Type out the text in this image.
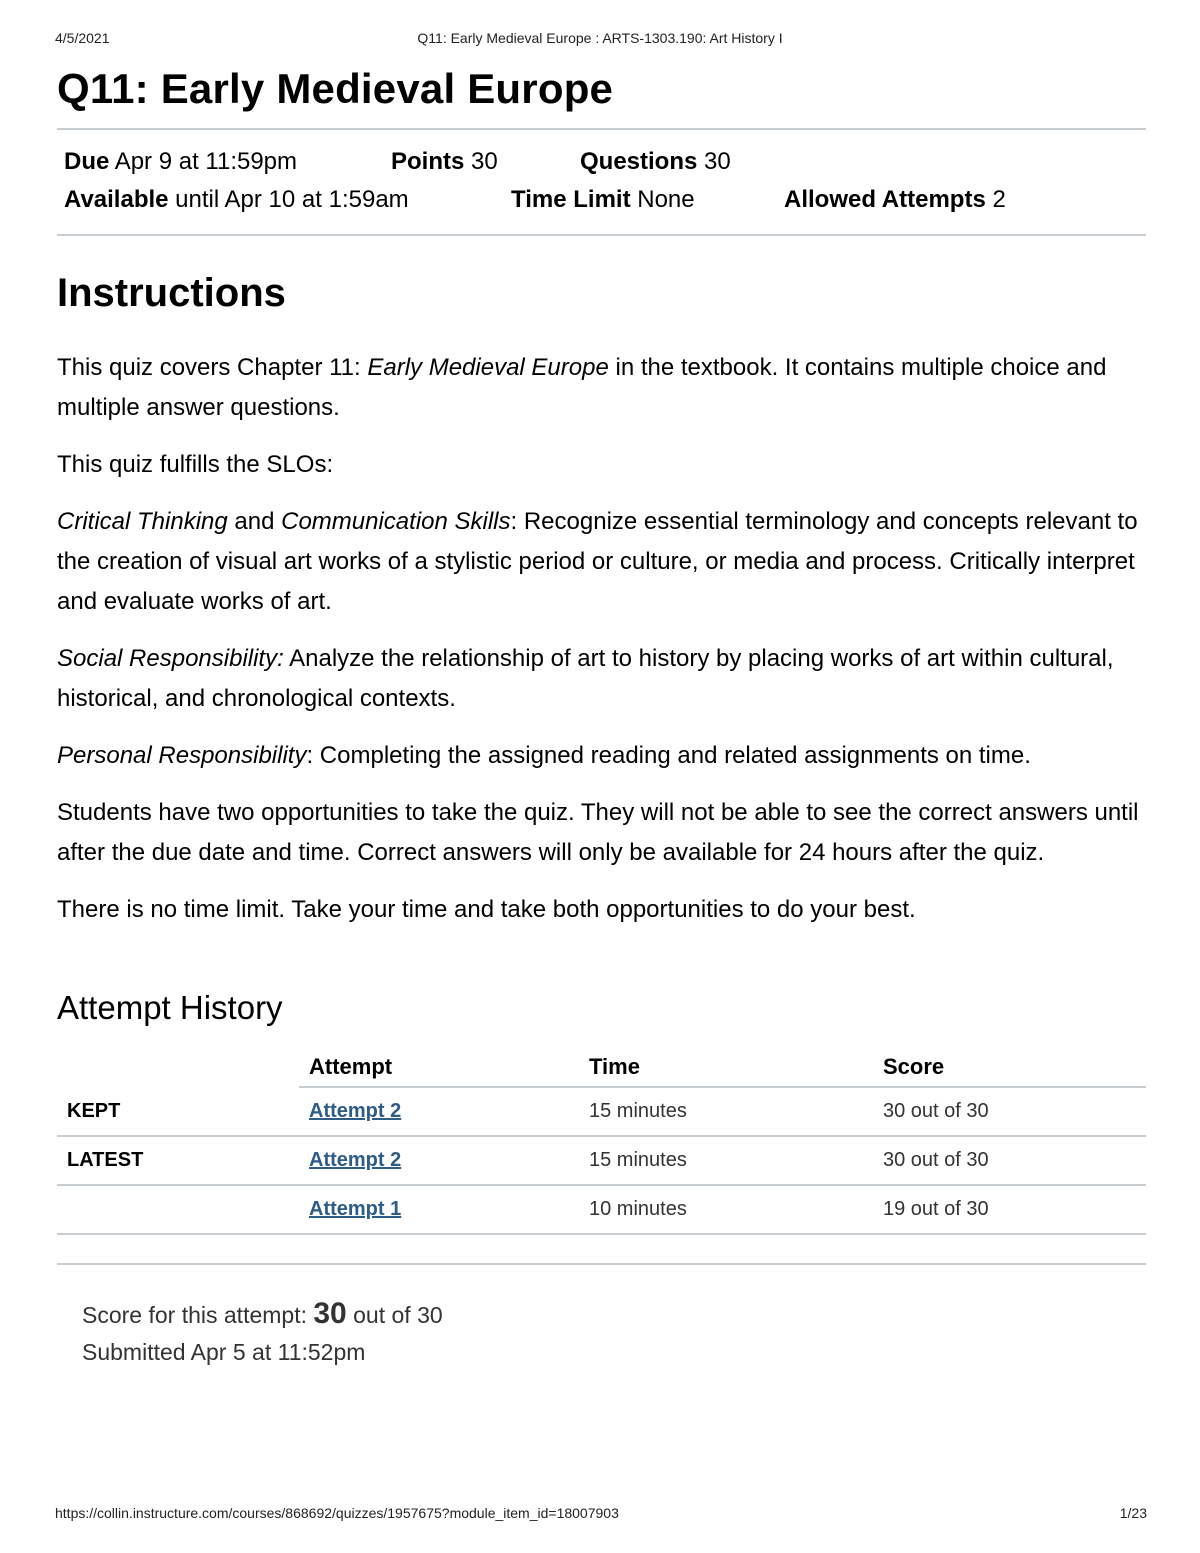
4/5/2021	Q11: Early Medieval Europe : ARTS-1303.190: Art History I
Q11: Early Medieval Europe
Due Apr 9 at 11:59pm	Points 30	Questions 30
Available until Apr 10 at 1:59am	Time Limit None	Allowed Attempts 2
Instructions

This quiz covers Chapter 11: Early Medieval Europe in the textbook. It contains multiple choice and multiple answer questions.

This quiz fulfills the SLOs:

Critical Thinking and Communication Skills: Recognize essential terminology and concepts relevant to the creation of visual art works of a stylistic period or culture, or media and process. Critically interpret and evaluate works of art.

Social Responsibility: Analyze the relationship of art to history by placing works of art within cultural, historical, and chronological contexts.

Personal Responsibility: Completing the assigned reading and related assignments on time.

Students have two opportunities to take the quiz. They will not be able to see the correct answers until after the due date and time. Correct answers will only be available for 24 hours after the quiz.

There is no time limit. Take your time and take both opportunities to do your best.

Attempt History
	Attempt	Time	Score
KEPT	Attempt 2	15 minutes	30 out of 30
LATEST	Attempt 2	15 minutes	30 out of 30
	Attempt 1	10 minutes	19 out of 30
Score for this attempt: 30 out of 30
Submitted Apr 5 at 11:52pm
https://collin.instructure.com/courses/868692/quizzes/1957675?module_item_id=18007903	1/23
